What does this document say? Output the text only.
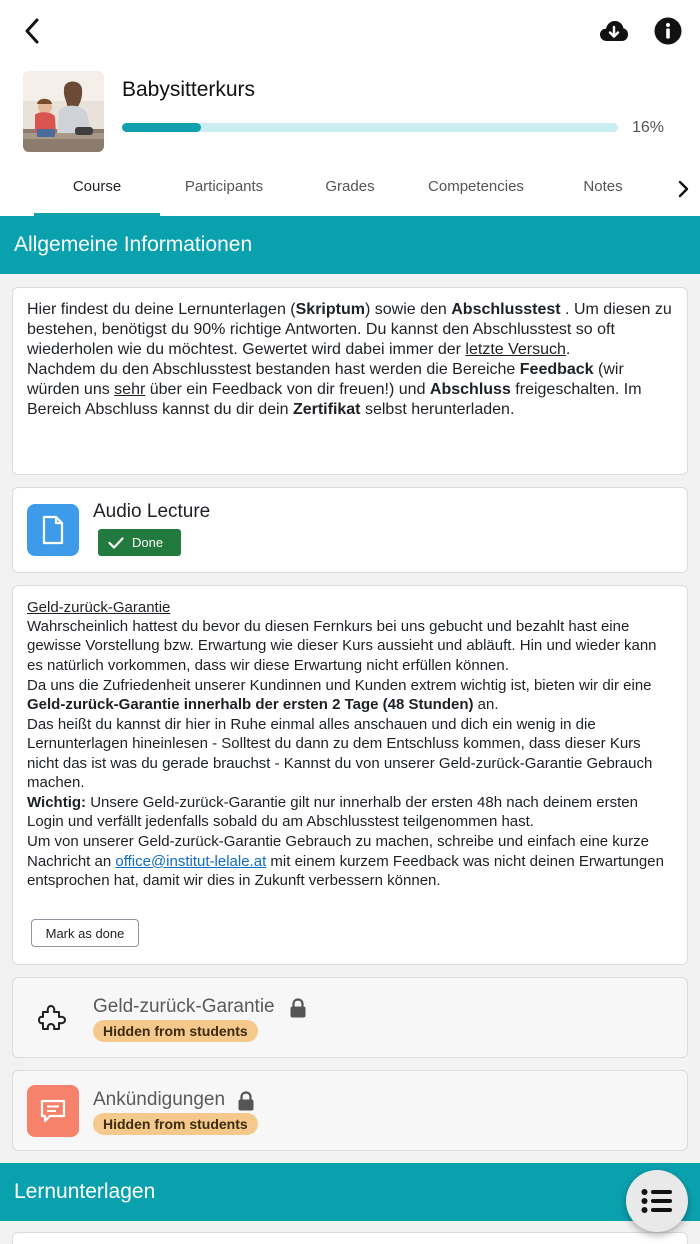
Babysitterkurs
16%
Course	Participants	Grades	Competencies	Notes
Allgemeine Informationen
Hier findest du deine Lernunterlagen (Skriptum) sowie den Abschlusstest . Um diesen zu bestehen, benötigst du 90% richtige Antworten. Du kannst den Abschlusstest so oft wiederholen wie du möchtest. Gewertet wird dabei immer der letzte Versuch.
Nachdem du den Abschlusstest bestanden hast werden die Bereiche Feedback (wir würden uns sehr über ein Feedback von dir freuen!) und Abschluss freigeschalten. Im Bereich Abschluss kannst du dir dein Zertifikat selbst herunterladen.
Audio Lecture
Done

Geld-zurück-Garantie

Wahrscheinlich hattest du bevor du diesen Fernkurs bei uns gebucht und bezahlt hast eine gewisse Vorstellung bzw. Erwartung wie dieser Kurs aussieht und abläuft. Hin und wieder kann es natürlich vorkommen, dass wir diese Erwartung nicht erfüllen können.

Da uns die Zufriedenheit unserer Kundinnen und Kunden extrem wichtig ist, bieten wir dir eine Geld-zurück-Garantie innerhalb der ersten 2 Tage (48 Stunden) an.

Das heißt du kannst dir hier in Ruhe einmal alles anschauen und dich ein wenig in die Lernunterlagen hineinlesen - Solltest du dann zu dem Entschluss kommen, dass dieser Kurs nicht das ist was du gerade brauchst - Kannst du von unserer Geld-zurück-Garantie Gebrauch machen.

Wichtig: Unsere Geld-zurück-Garantie gilt nur innerhalb der ersten 48h nach deinem ersten Login und verfällt jedenfalls sobald du am Abschlusstest teilgenommen hast.

Um von unserer Geld-zurück-Garantie Gebrauch zu machen, schreibe und einfach eine kurze Nachricht an office@institut-lelale.at mit einem kurzem Feedback was nicht deinen Erwartungen entsprochen hat, damit wir dies in Zukunft verbessern können.

Mark as done
Geld-zurück-Garantie
Hidden from students
Ankündigungen
Hidden from students
Lernunterlagen
